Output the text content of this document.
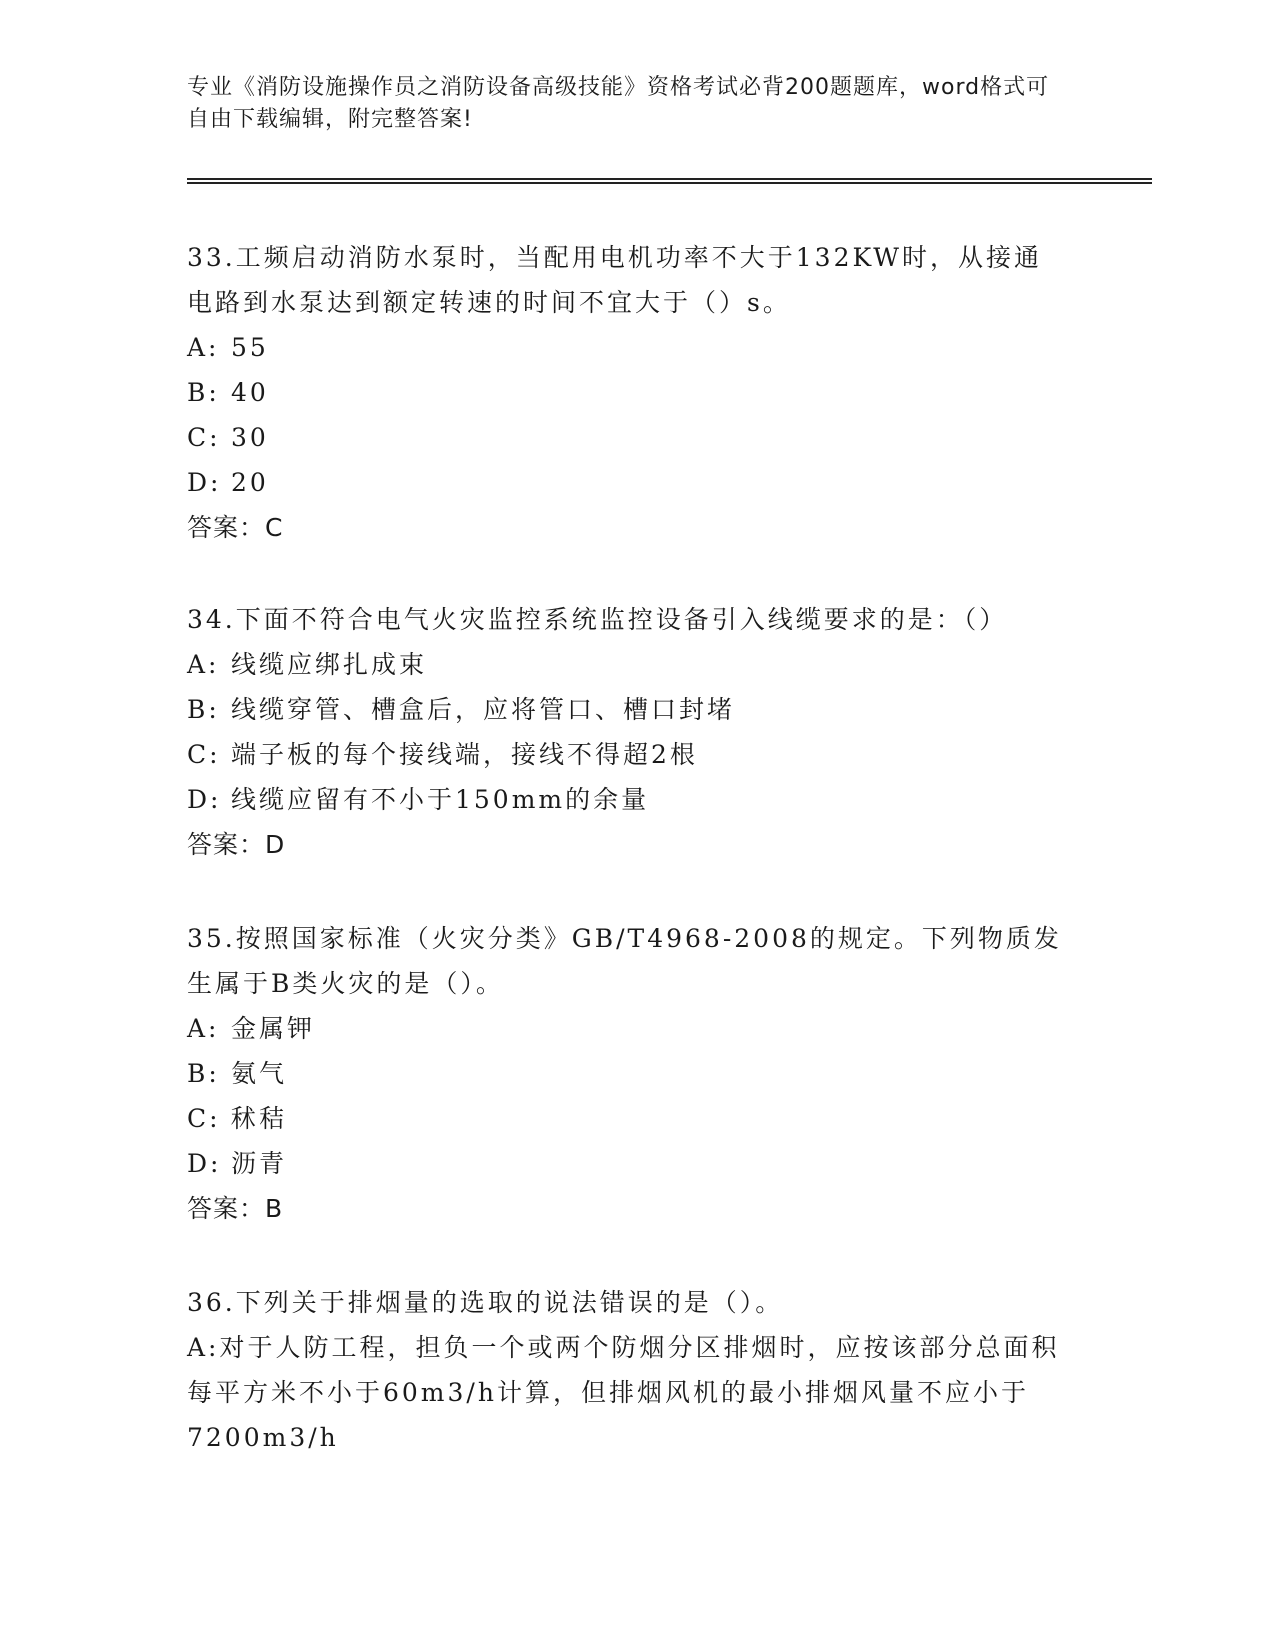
专业《消防设施操作员之消防设备高级技能》资格考试必背200题题库，word格式可自由下载编辑，附完整答案!
33.工频启动消防水泵时，当配用电机功率不大于132KW时，从接通电路到水泵达到额定转速的时间不宜大于（）s。
A: 55
B: 40
C: 30
D: 20
答案：C
34.下面不符合电气火灾监控系统监控设备引入线缆要求的是：（）
A: 线缆应绑扎成束
B: 线缆穿管、槽盒后，应将管口、槽口封堵
C: 端子板的每个接线端，接线不得超2根
D: 线缆应留有不小于150mm的余量
答案：D
35.按照国家标准（火灾分类》GB/T4968-2008的规定。下列物质发生属于B类火灾的是（）。
A: 金属钾
B: 氨气
C: 秫秸
D: 沥青
答案：B
36.下列关于排烟量的选取的说法错误的是（）。
A:对于人防工程，担负一个或两个防烟分区排烟时，应按该部分总面积每平方米不小于60m3/h计算，但排烟风机的最小排烟风量不应小于7200m3/h
